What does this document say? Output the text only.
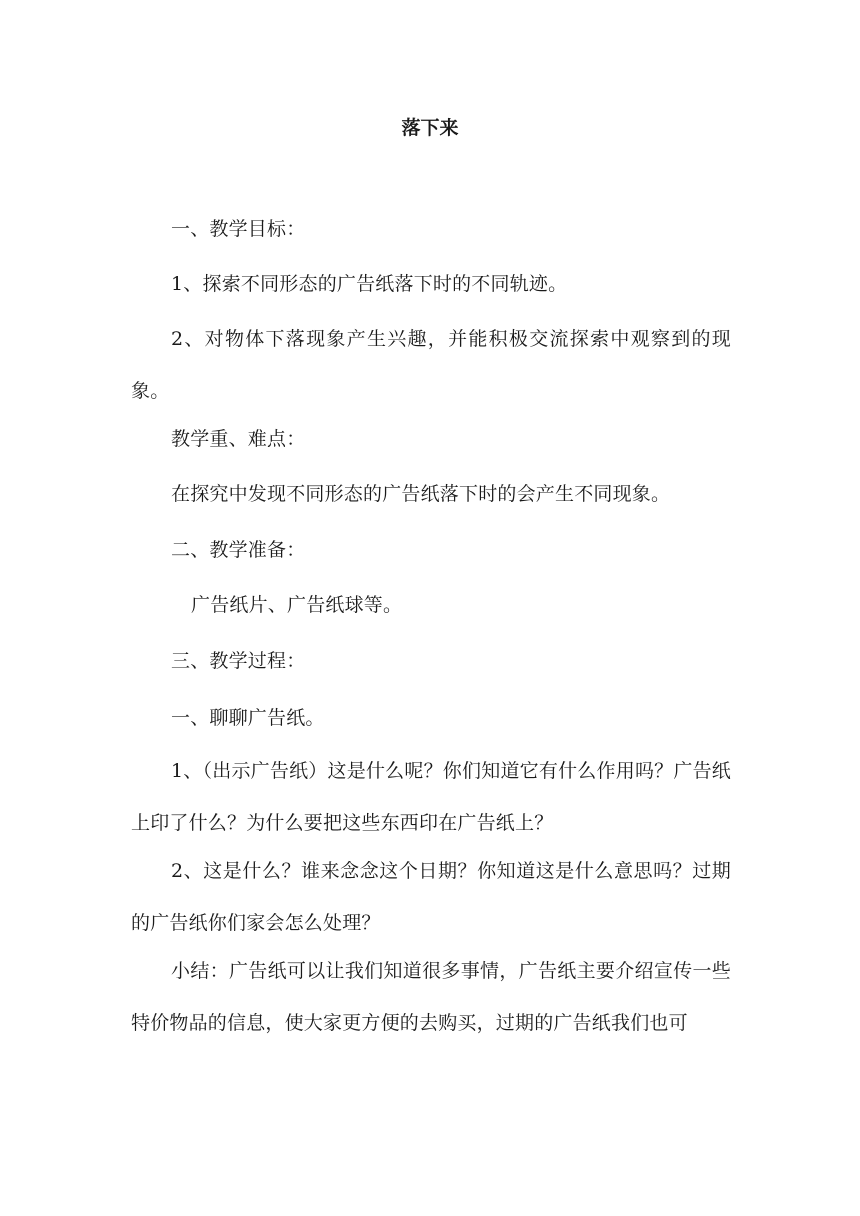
落下来

一、教学目标：

1、探索不同形态的广告纸落下时的不同轨迹。

2、对物体下落现象产生兴趣，并能积极交流探索中观察到的现象。

教学重、难点：

在探究中发现不同形态的广告纸落下时的会产生不同现象。

二、教学准备：

广告纸片、广告纸球等。

三、教学过程：

一、聊聊广告纸。

1、（出示广告纸）这是什么呢？你们知道它有什么作用吗？广告纸上印了什么？为什么要把这些东西印在广告纸上？

2、这是什么？谁来念念这个日期？你知道这是什么意思吗？过期的广告纸你们家会怎么处理？

小结：广告纸可以让我们知道很多事情，广告纸主要介绍宣传一些特价物品的信息，使大家更方便的去购买，过期的广告纸我们也可
